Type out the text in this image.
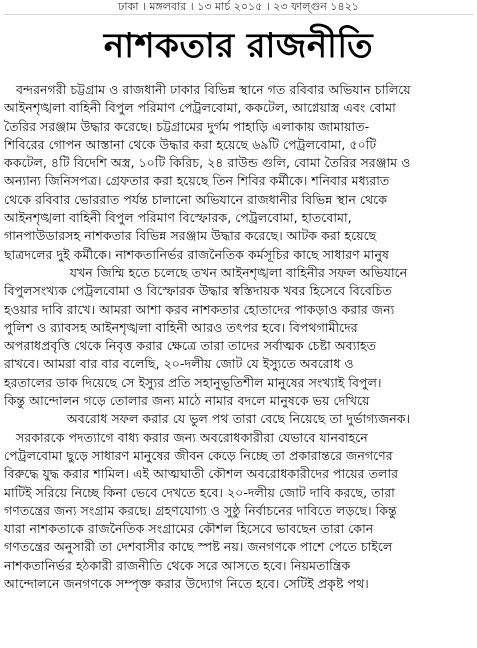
ঢাকা । মঙ্গলবার । ১৩ মার্চ ২০১৫ । ২৩ ফাল্গুন ১৪২১
নাশকতার রাজনীতি
বন্দরনগরী চট্টগ্রাম ও রাজধানী ঢাকার বিভিন্ন স্থানে গত রবিবার অভিযান চালিয়ে
আইনশৃঙ্খলা বাহিনী বিপুল পরিমাণ পেট্রলবোমা, ককটেল, আগ্নেয়াস্ত্র এবং বোমা
তৈরির সরঞ্জাম উদ্ধার করেছে। চট্টগ্রামের দুর্গম পাহাড়ি এলাকায় জামায়াত-
শিবিরের গোপন আস্তানা থেকে উদ্ধার করা হয়েছে ৬৯টি পেট্রলবোমা, ৫০টি
ককটেল, ৪টি বিদেশি অস্ত্র, ১০টি কিরিচ, ২৪ রাউন্ড গুলি, বোমা তৈরির সরঞ্জাম ও
অন্যান্য জিনিসপত্র। গ্রেফতার করা হয়েছে তিন শিবির কর্মীকে। শনিবার মধ্যরাত
থেকে রবিবার ভোররাত পর্যন্ত চালানো অভিযানে রাজধানীর বিভিন্ন স্থান থেকে
আইনশৃঙ্খলা বাহিনী বিপুল পরিমাণ বিস্ফোরক, পেট্রলবোমা, হাতবোমা,
গানপাউডারসহ নাশকতার বিভিন্ন সরঞ্জাম উদ্ধার করেছে। আটক করা হয়েছে
ছাত্রদলের দুই কর্মীকে। নাশকতানির্ভর রাজনৈতিক কর্মসূচির কাছে সাধারণ মানুষ
যখন জিম্মি হতে চলেছে তখন আইনশৃঙ্খলা বাহিনীর সফল অভিযানে
বিপুলসংখ্যক পেট্রলবোমা ও বিস্ফোরক উদ্ধার স্বস্তিদায়ক খবর হিসেবে বিবেচিত
হওয়ার দাবি রাখে। আমরা আশা করব নাশকতার হোতাদের পাকড়াও করার জন্য
পুলিশ ও র‍্যাবসহ আইনশৃঙ্খলা বাহিনী আরও তৎপর হবে। বিপথগামীদের
অপরাধপ্রবৃত্তি থেকে নিবৃত্ত করার ক্ষেত্রে তারা তাদের সর্বাত্মক চেষ্টা অব্যাহত
রাখবে। আমরা বার বার বলেছি, ২০-দলীয় জোট যে ইস্যুতে অবরোধ ও
হরতালের ডাক দিয়েছে সে ইস্যুর প্রতি সহানুভূতিশীল মানুষের সংখ্যাই বিপুল।
কিন্তু আন্দোলন গড়ে তোলার জন্য মাঠে নামার বদলে মানুষকে ভয় দেখিয়ে
অবরোধ সফল করার যে ভুল পথ তারা বেছে নিয়েছে তা দুর্ভাগ্যজনক।
সরকারকে পদত্যাগে বাধ্য করার জন্য অবরোধকারীরা যেভাবে যানবাহনে
পেট্রলবোমা ছুড়ে সাধারণ মানুষের জীবন কেড়ে নিচ্ছে তা প্রকারান্তরে জনগণের
বিরুদ্ধে যুদ্ধ করার শামিল। এই আত্মঘাতী কৌশল অবরোধকারীদের পায়ের তলার
মাটিই সরিয়ে নিচ্ছে কিনা ভেবে দেখতে হবে। ২০-দলীয় জোট দাবি করছে, তারা
গণতন্ত্রের জন্য সংগ্রাম করছে। গ্রহণযোগ্য ও সুষ্ঠু নির্বাচনের দাবিতে লড়ছে। কিন্তু
যারা নাশকতাকে রাজনৈতিক সংগ্রামের কৌশল হিসেবে ভাবছেন তারা কোন
গণতন্ত্রের অনুসারী তা দেশবাসীর কাছে স্পষ্ট নয়। জনগণকে পাশে পেতে চাইলে
নাশকতানির্ভর হঠকারী রাজনীতি থেকে সরে আসতে হবে। নিয়মতান্ত্রিক
আন্দোলনে জনগণকে সম্পৃক্ত করার উদ্যোগ নিতে হবে। সেটিই প্রকৃষ্ট পথ।
